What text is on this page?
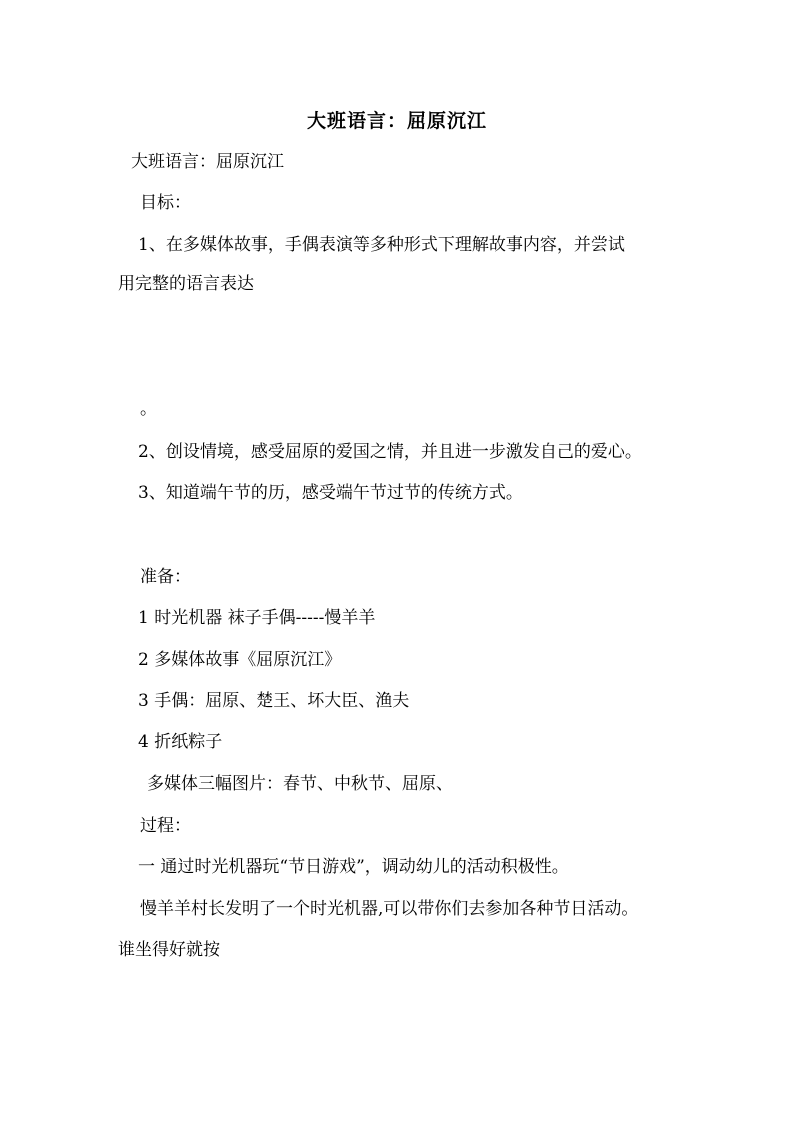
大班语言：屈原沉江
大班语言：屈原沉江
目标：
1、在多媒体故事，手偶表演等多种形式下理解故事内容，并尝试
用完整的语言表达
。
2、创设情境，感受屈原的爱国之情，并且进一步激发自己的爱心。
3、知道端午节的历，感受端午节过节的传统方式。
准备：
1 时光机器 袜子手偶-----慢羊羊
2 多媒体故事《屈原沉江》
3 手偶：屈原、楚王、坏大臣、渔夫
4 折纸粽子
多媒体三幅图片：春节、中秋节、屈原、
过程：
一 通过时光机器玩“节日游戏”，调动幼儿的活动积极性。
慢羊羊村长发明了一个时光机器,可以带你们去参加各种节日活动。
谁坐得好就按
